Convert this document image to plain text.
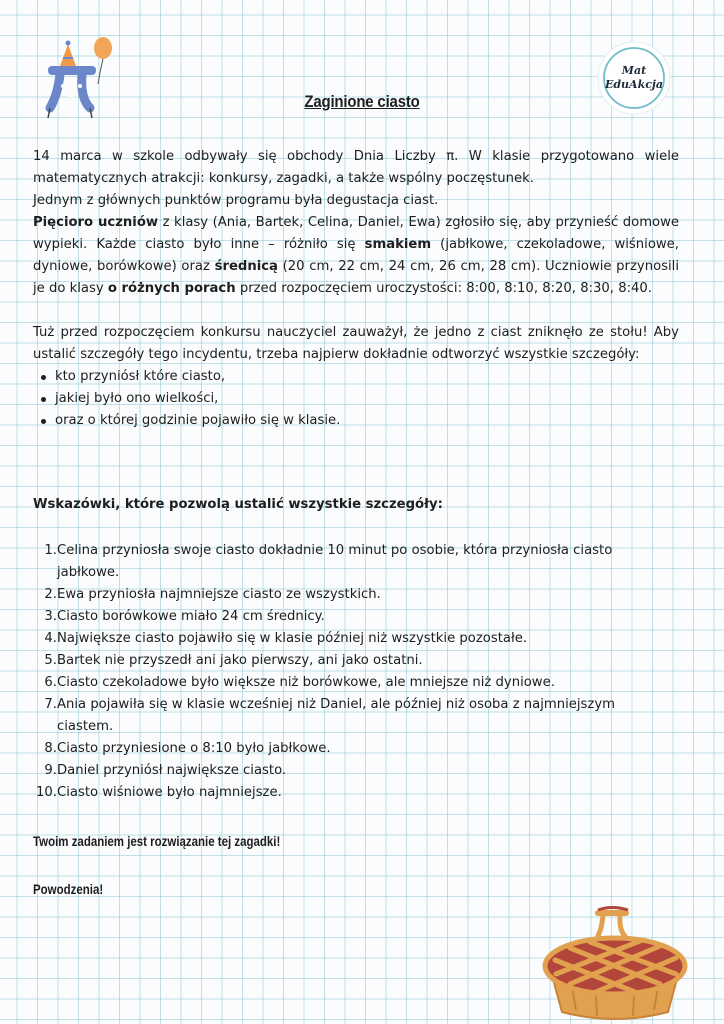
Mat
EduAkcja
Zaginione ciasto

14 marca w szkole odbywały się obchody Dnia Liczby π. W klasie przygotowano wiele matematycznych atrakcji: konkursy, zagadki, a także wspólny poczęstunek.

Jednym z głównych punktów programu była degustacja ciast.

Pięcioro uczniów z klasy (Ania, Bartek, Celina, Daniel, Ewa) zgłosiło się, aby przynieść domowe wypieki. Każde ciasto było inne – różniło się smakiem (jabłkowe, czekoladowe, wiśniowe, dyniowe, borówkowe) oraz średnicą (20 cm, 22 cm, 24 cm, 26 cm, 28 cm). Uczniowie przynosili je do klasy o różnych porach przed rozpoczęciem uroczystości: 8:00, 8:10, 8:20, 8:30, 8:40.

Tuż przed rozpoczęciem konkursu nauczyciel zauważył, że jedno z ciast zniknęło ze stołu! Aby ustalić szczegóły tego incydentu, trzeba najpierw dokładnie odtworzyć wszystkie szczegóły:

kto przyniósł które ciasto,
jakiej było ono wielkości,
oraz o której godzinie pojawiło się w klasie.

Wskazówki, które pozwolą ustalić wszystkie szczegóły:

1. Celina przyniosła swoje ciasto dokładnie 10 minut po osobie, która przyniosła ciasto jabłkowe.
2. Ewa przyniosła najmniejsze ciasto ze wszystkich.
3. Ciasto borówkowe miało 24 cm średnicy.
4. Największe ciasto pojawiło się w klasie później niż wszystkie pozostałe.
5. Bartek nie przyszedł ani jako pierwszy, ani jako ostatni.
6. Ciasto czekoladowe było większe niż borówkowe, ale mniejsze niż dyniowe.
7. Ania pojawiła się w klasie wcześniej niż Daniel, ale później niż osoba z najmniejszym ciastem.
8. Ciasto przyniesione o 8:10 było jabłkowe.
9. Daniel przyniósł największe ciasto.
10. Ciasto wiśniowe było najmniejsze.

Twoim zadaniem jest rozwiązanie tej zagadki!

Powodzenia!
